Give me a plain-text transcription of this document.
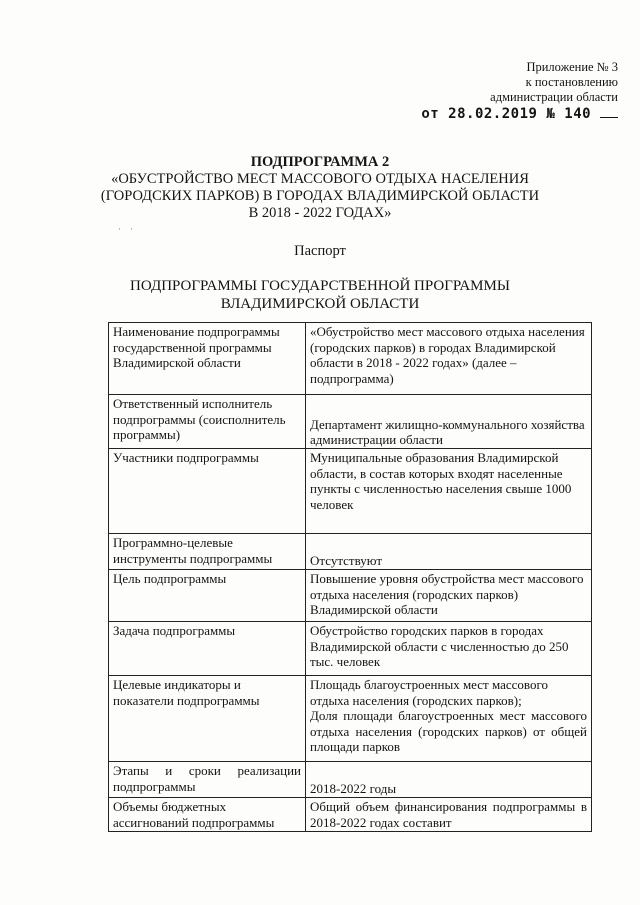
Приложение № 3
к постановлению
администрации области
от 28.02.2019 № 140
ПОДПРОГРАММА 2
«ОБУСТРОЙСТВО МЕСТ МАССОВОГО ОТДЫХА НАСЕЛЕНИЯ
(ГОРОДСКИХ ПАРКОВ) В ГОРОДАХ ВЛАДИМИРСКОЙ ОБЛАСТИ
В 2018 - 2022 ГОДАХ»
·    ·
Паспорт
ПОДПРОГРАММЫ ГОСУДАРСТВЕННОЙ ПРОГРАММЫ
ВЛАДИМИРСКОЙ ОБЛАСТИ
Наименование подпрограммы государственной программы Владимирской области	«Обустройство мест массового отдыха населения (городских парков) в городах Владимирской области в 2018 - 2022 годах» (далее – подпрограмма)
Ответственный исполнитель подпрограммы (соисполнитель программы)	Департамент жилищно-коммунального хозяйства администрации области
Участники подпрограммы	Муниципальные образования Владимирской области, в состав которых входят населенные пункты с численностью населения свыше 1000 человек
Программно-целевые инструменты подпрограммы	Отсутствуют
Цель подпрограммы	Повышение уровня обустройства мест массового отдыха населения (городских парков) Владимирской области
Задача подпрограммы	Обустройство городских парков в городах Владимирской области с численностью до 250 тыс. человек
Целевые индикаторы и показатели подпрограммы	Площадь благоустроенных мест массового отдыха населения (городских парков);
Доля площади благоустроенных мест массового отдыха населения (городских парков) от общей площади парков

Этапы и сроки реализации подпрограммы	2018-2022 годы
Объемы бюджетных ассигнований подпрограммы	Общий объем финансирования подпрограммы в 2018-2022 годах составит
